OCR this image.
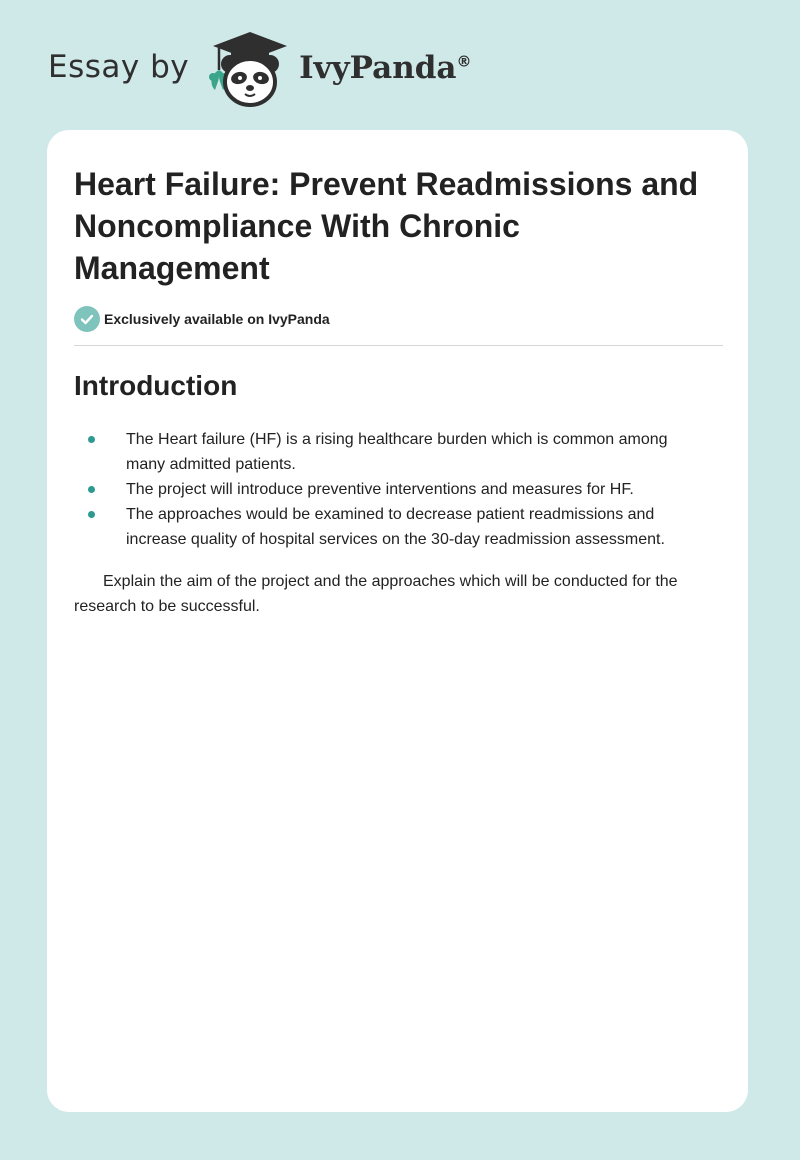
Essay by	IvyPanda®
Heart Failure: Prevent Readmissions and Noncompliance With Chronic Management
Exclusively available on IvyPanda
Introduction
The Heart failure (HF) is a rising healthcare burden which is common among many admitted patients.
The project will introduce preventive interventions and measures for HF.
The approaches would be examined to decrease patient readmissions and increase quality of hospital services on the 30-day readmission assessment.

Explain the aim of the project and the approaches which will be conducted for the research to be successful.
